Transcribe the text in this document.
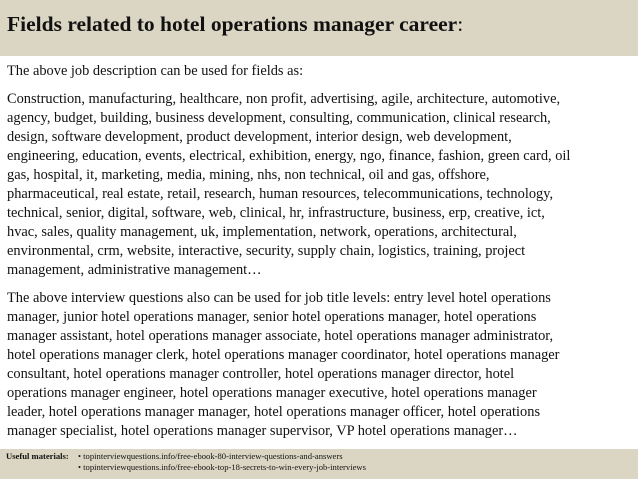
Fields related to hotel operations manager career:
The above job description can be used for fields as:
Construction, manufacturing, healthcare, non profit, advertising, agile, architecture, automotive,
agency, budget, building, business development, consulting, communication, clinical research,
design, software development, product development, interior design, web development,
engineering, education, events, electrical, exhibition, energy, ngo, finance, fashion, green card, oil
gas, hospital, it, marketing, media, mining, nhs, non technical, oil and gas, offshore,
pharmaceutical, real estate, retail, research, human resources, telecommunications, technology,
technical, senior, digital, software, web, clinical, hr, infrastructure, business, erp, creative, ict,
hvac, sales, quality management, uk, implementation, network, operations, architectural,
environmental, crm, website, interactive, security, supply chain, logistics, training, project
management, administrative management…
The above interview questions also can be used for job title levels: entry level hotel operations
manager, junior hotel operations manager, senior hotel operations manager, hotel operations
manager assistant, hotel operations manager associate, hotel operations manager administrator,
hotel operations manager clerk, hotel operations manager coordinator, hotel operations manager
consultant, hotel operations manager controller, hotel operations manager director, hotel
operations manager engineer, hotel operations manager executive, hotel operations manager
leader, hotel operations manager manager, hotel operations manager officer, hotel operations
manager specialist, hotel operations manager supervisor, VP hotel operations manager…
Useful materials: • topinterviewquestions.info/free-ebook-80-interview-questions-and-answers
• topinterviewquestions.info/free-ebook-top-18-secrets-to-win-every-job-interviews
